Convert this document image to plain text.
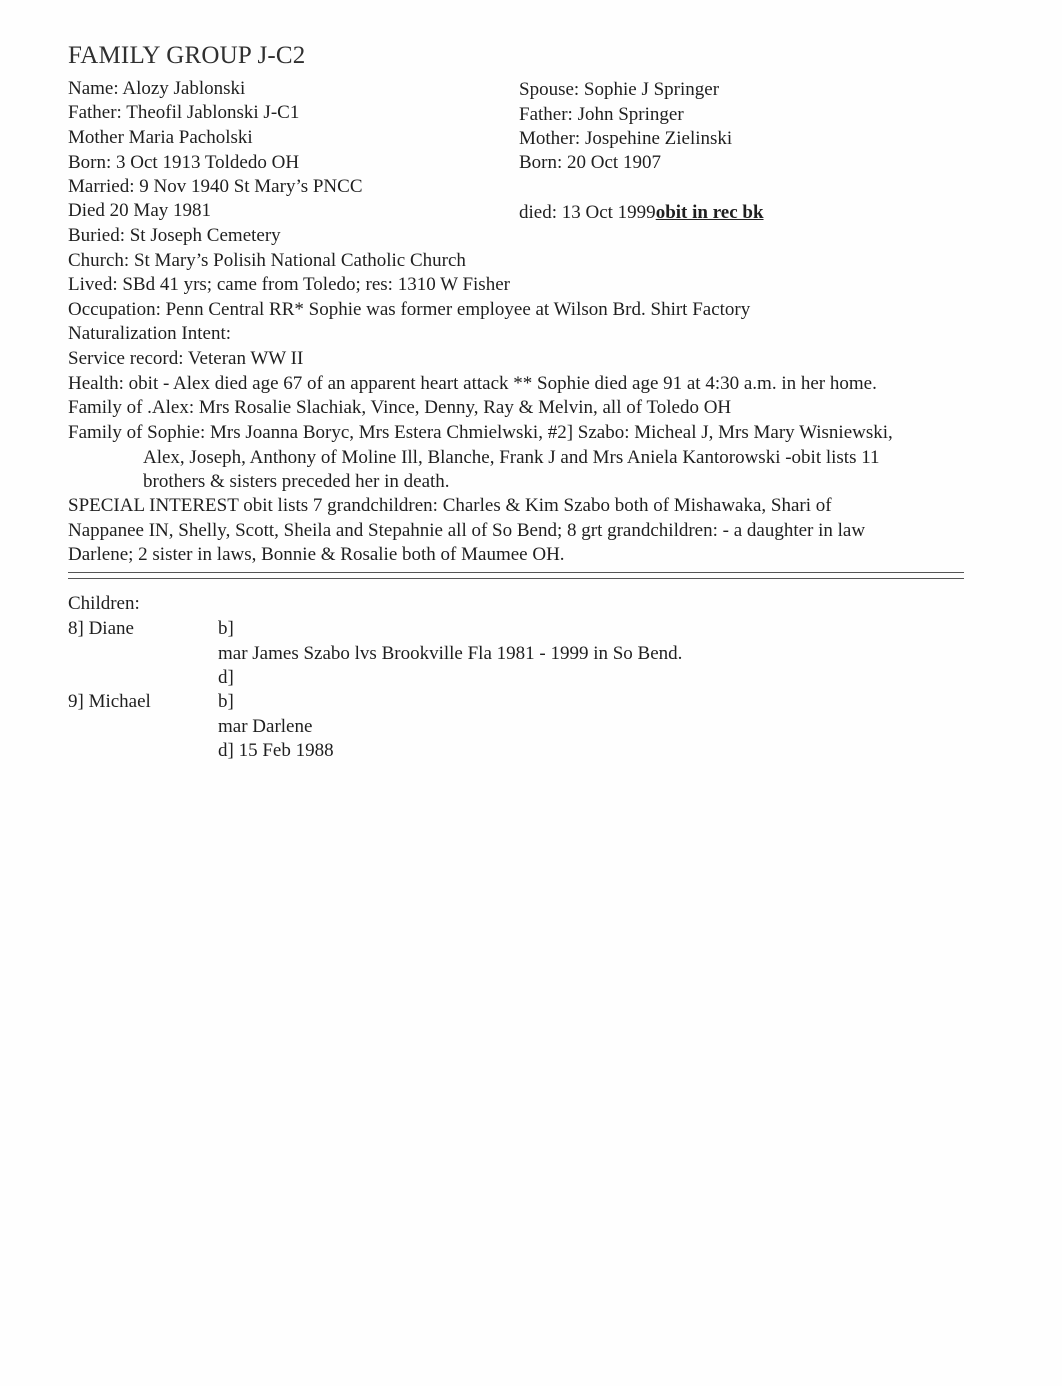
FAMILY GROUP J-C2
Name: Alozy Jablonski
Father: Theofil Jablonski J-C1
Mother Maria Pacholski
Born: 3 Oct 1913 Toldedo OH
Married: 9 Nov 1940 St Mary’s PNCC
Died 20 May 1981
Buried: St Joseph Cemetery
Church: St Mary’s Polisih National Catholic Church
Lived: SBd 41 yrs; came from Toledo; res: 1310 W Fisher
Occupation: Penn Central RR* Sophie was former employee at Wilson Brd. Shirt Factory
Naturalization Intent:
Service record: Veteran WW II
Health: obit - Alex died age 67 of an apparent heart attack ** Sophie died age 91 at 4:30 a.m. in her home.
Family of .Alex: Mrs Rosalie Slachiak, Vince, Denny, Ray & Melvin, all of Toledo OH
Family of Sophie: Mrs Joanna Boryc, Mrs Estera Chmielwski, #2] Szabo: Micheal J, Mrs Mary Wisniewski,
Alex, Joseph, Anthony of Moline Ill, Blanche, Frank J and Mrs Aniela Kantorowski -obit lists 11
brothers & sisters preceded her in death.
SPECIAL INTEREST obit lists 7 grandchildren: Charles & Kim Szabo both of Mishawaka, Shari of
Nappanee IN, Shelly, Scott, Sheila and Stepahnie all of So Bend; 8 grt grandchildren: - a daughter in law
Darlene; 2 sister in laws, Bonnie & Rosalie both of Maumee OH.
Spouse: Sophie J Springer
Father: John Springer
Mother: Jospehine Zielinski
Born: 20 Oct 1907
died: 13 Oct 1999obit in rec bk
Children:
8] Diane	b]
mar James Szabo lvs Brookville Fla 1981 - 1999 in So Bend.
d]
9] Michael	b]
mar Darlene
d] 15 Feb 1988
